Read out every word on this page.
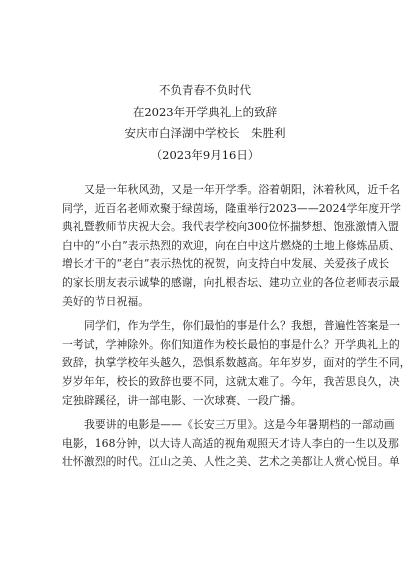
不负青春不负时代
在2023年开学典礼上的致辞
安庆市白泽湖中学校长　朱胜利
（2023年9月16日）
又是一年秋风劲，又是一年开学季。浴着朝阳，沐着秋风，近千名
同学，近百名老师欢聚于绿茵场，隆重举行2023——2024学年度开学
典礼暨教师节庆祝大会。我代表学校向300位怀揣梦想、饱涨激情入盟
白中的“小白”表示热烈的欢迎，向在白中这片燃烧的土地上修炼品质、
增长才干的“老白”表示热忱的祝贺，向支持白中发展、关爱孩子成长
的家长朋友表示诚挚的感谢，向扎根杏坛、建功立业的各位老师表示最
美好的节日祝福。
同学们，作为学生，你们最怕的事是什么？我想，普遍性答案是一
一考试，学神除外。你们知道作为校长最怕的事是什么？开学典礼上的
致辞，执掌学校年头越久，恐惧系数越高。年年岁岁，面对的学生不同，
岁岁年年，校长的致辞也要不同，这就太难了。今年，我苦思良久，决
定独辟蹊径，讲一部电影、一次球赛、一段广播。
我要讲的电影是——《长安三万里》。这是今年暑期档的一部动画
电影，168分钟，以大诗人高适的视角观照天才诗人李白的一生以及那
壮怀激烈的时代。江山之美、人性之美、艺术之美都让人赏心悦目。单
